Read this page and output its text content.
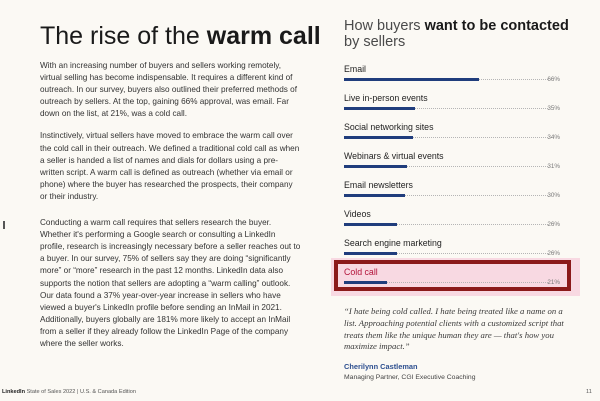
The rise of the warm call

With an increasing number of buyers and sellers working remotely, virtual selling has become indispensable. It requires a different kind of outreach. In our survey, buyers also outlined their preferred methods of outreach by sellers. At the top, gaining 66% approval, was email. Far down on the list, at 21%, was a cold call.

Instinctively, virtual sellers have moved to embrace the warm call over the cold call in their outreach. We defined a traditional cold call as when a seller is handed a list of names and dials for dollars using a pre-written script. A warm call is defined as outreach (whether via email or phone) where the buyer has researched the prospects, their company or their industry.

Conducting a warm call requires that sellers research the buyer. Whether it's performing a Google search or consulting a LinkedIn profile, research is increasingly necessary before a seller reaches out to a buyer. In our survey, 75% of sellers say they are doing “significantly more” or “more” research in the past 12 months. LinkedIn data also supports the notion that sellers are adopting a “warm calling” outlook. Our data found a 37% year-over-year increase in sellers who have viewed a buyer's LinkedIn profile before sending an InMail in 2021. Additionally, buyers globally are 181% more likely to accept an InMail from a seller if they already follow the LinkedIn Page of the company where the seller works.

How buyers want to be contacted
by sellers
Email
66%
Live in-person events
35%
Social networking sites
34%
Webinars & virtual events
31%
Email newsletters
30%
Videos
26%
Search engine marketing
26%
Cold call
21%
“I hate being cold called. I hate being treated like a name on a list. Approaching potential clients with a customized script that treats them like the unique human they are — that's how you maximize impact.”
Cherilynn Castleman
Managing Partner, CGI Executive Coaching
LinkedIn State of Sales 2022 | U.S. & Canada Edition	11
